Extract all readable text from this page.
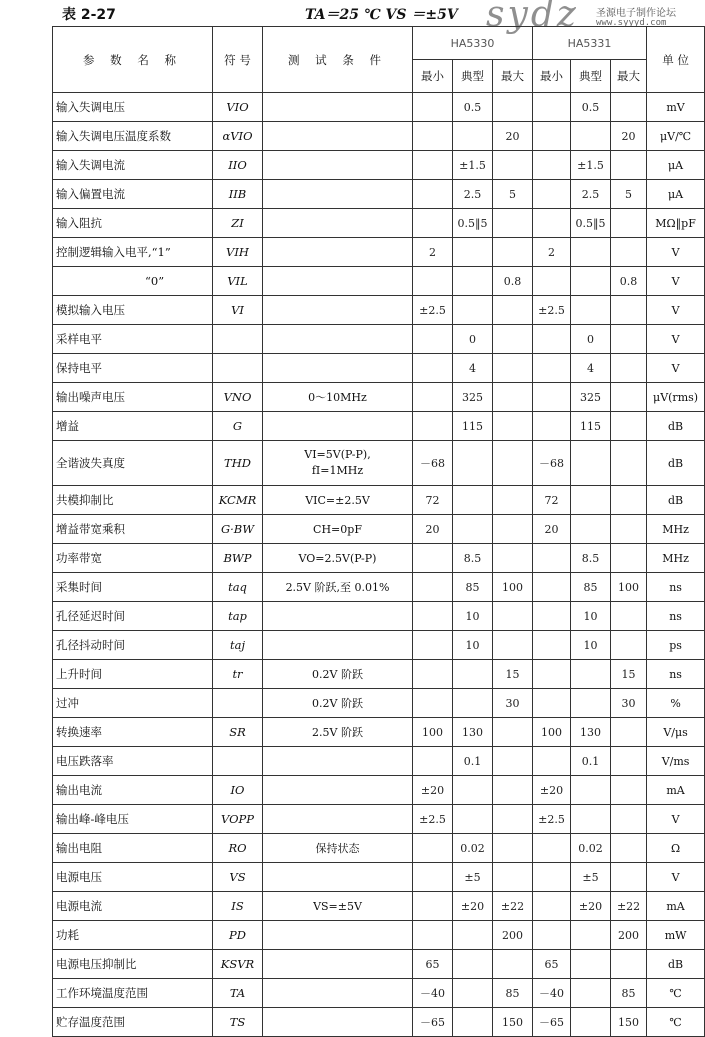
表 2-27	TA＝25 ℃ VS ＝±5V sydz 圣源电子制作论坛
www.syyyd.com
参 数 名 称	符 号	测 试 条 件	HA5330			HA5331			单 位
			最小	典型	最大	最小	典型	最大	
输入失调电压	VIO			0.5			0.5		mV
输入失调电压温度系数	αVIO				20			20	μV/℃
输入失调电流	IIO			±1.5			±1.5		μA
输入偏置电流	IIB			2.5	5		2.5	5	μA
输入阻抗	ZI			0.5‖5			0.5‖5		MΩ‖pF
控制逻辑输入电平,“1”	VIH		2			2			V
“0”	VIL				0.8			0.8	V
模拟输入电压	VI		±2.5			±2.5			V
采样电平				0			0		V
保持电平				4			4		V
输出噪声电压	VNO	0～10MHz		325			325		μV(rms)
增益	G			115			115		dB
全谐波失真度	THD	VI=5V(P-P),
fI=1MHz	－68			－68			dB
共模抑制比	KCMR	VIC=±2.5V	72			72			dB
增益带宽乘积	G·BW	CH=0pF	20			20			MHz
功率带宽	BWP	VO=2.5V(P-P)		8.5			8.5		MHz
采集时间	taq	2.5V 阶跃,至 0.01%		85	100		85	100	ns
孔径延迟时间	tap			10			10		ns
孔径抖动时间	taj			10			10		ps
上升时间	tr	0.2V 阶跃			15			15	ns
过冲		0.2V 阶跃			30			30	%
转换速率	SR	2.5V 阶跃	100	130		100	130		V/μs
电压跌落率				0.1			0.1		V/ms
输出电流	IO		±20			±20			mA
输出峰-峰电压	VOPP		±2.5			±2.5			V
输出电阻	RO	保持状态		0.02			0.02		Ω
电源电压	VS			±5			±5		V
电源电流	IS	VS=±5V		±20	±22		±20	±22	mA
功耗	PD				200			200	mW
电源电压抑制比	KSVR		65			65			dB
工作环境温度范围	TA		－40		85	－40		85	℃
贮存温度范围	TS		－65		150	－65		150	℃
